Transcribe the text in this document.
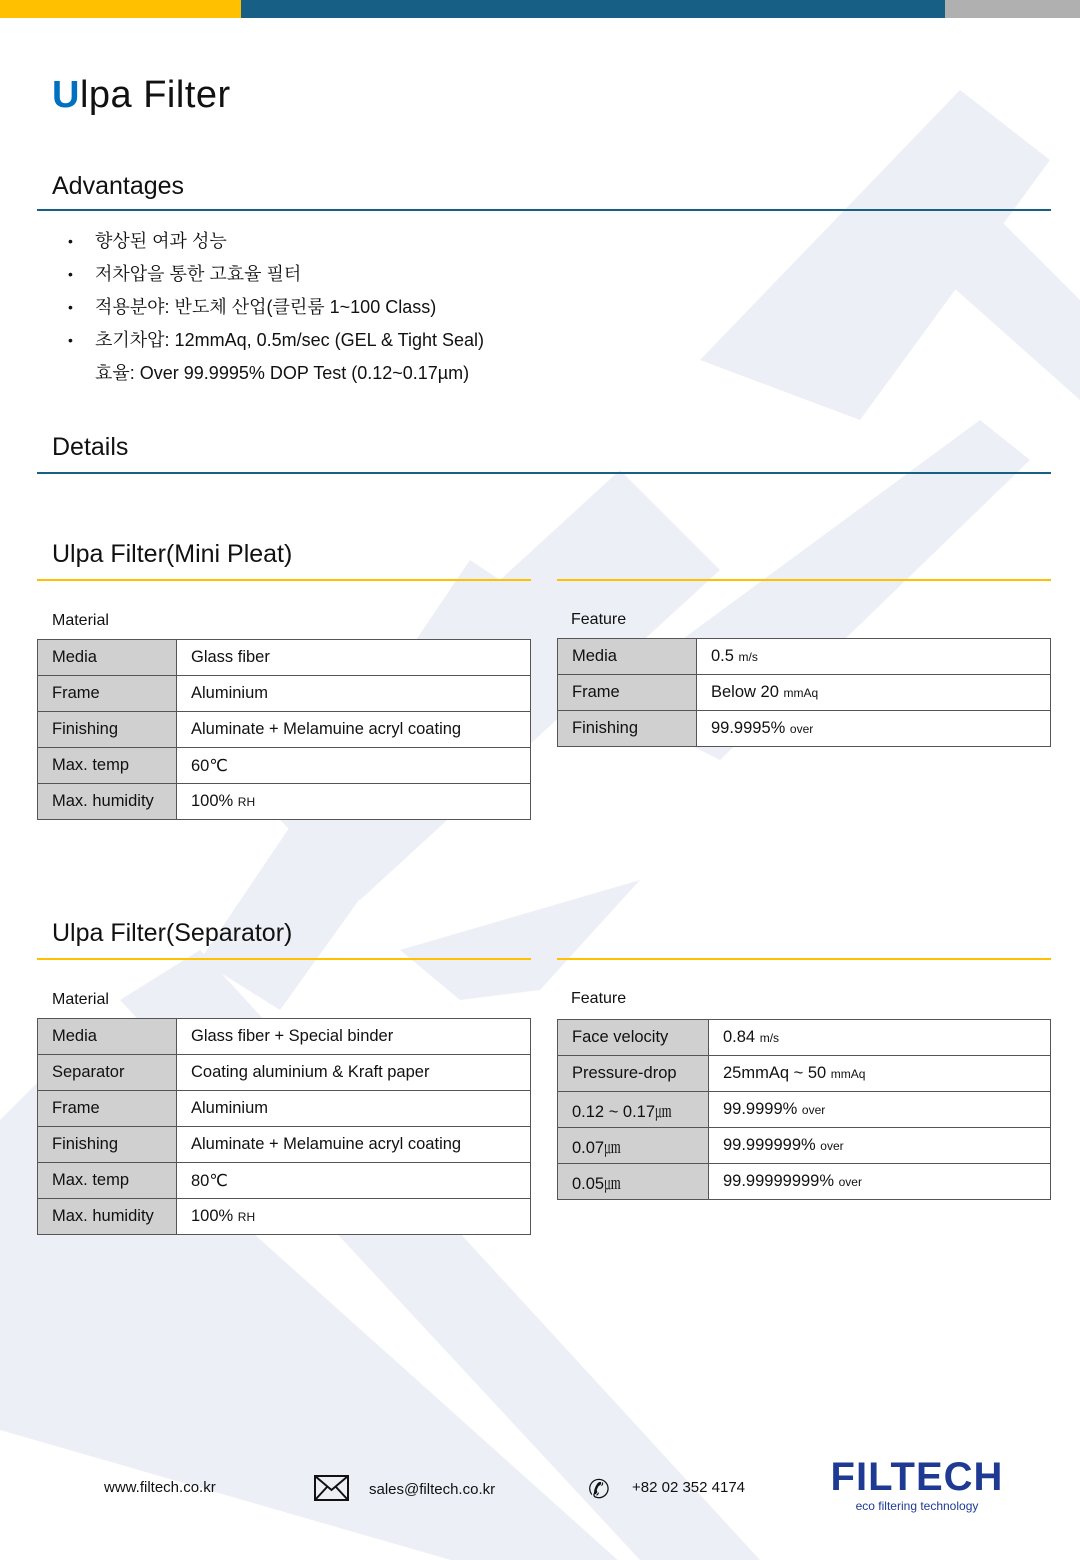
Ulpa Filter
Advantages
• 향상된 여과 성능
• 저차압을 통한 고효율 필터
• 적용분야: 반도체 산업(클린룸 1~100 Class)
• 초기차압: 12mmAq, 0.5m/sec (GEL & Tight Seal)
효율: Over 99.9995% DOP Test (0.12~0.17µm)
Details
Ulpa Filter(Mini Pleat)
Material	Feature
Media	Glass fiber
Frame	Aluminium
Finishing	Aluminate + Melamuine acryl coating
Max. temp	60℃
Max. humidity	100% RH
Media	0.5 m/s
Frame	Below 20 mmAq
Finishing	99.9995% over
Ulpa Filter(Separator)
Material	Feature
Media	Glass fiber + Special binder
Separator	Coating aluminium & Kraft paper
Frame	Aluminium
Finishing	Aluminate + Melamuine acryl coating
Max. temp	80℃
Max. humidity	100% RH
Face velocity	0.84 m/s
Pressure-drop	25mmAq ~ 50 mmAq
0.12 ~ 0.17㎛	99.9999% over
0.07㎛	99.999999% over
0.05㎛	99.99999999% over
www.filtech.co.kr	sales@filtech.co.kr	✆ +82 02 352 4174 FILTECH
eco filtering technology
